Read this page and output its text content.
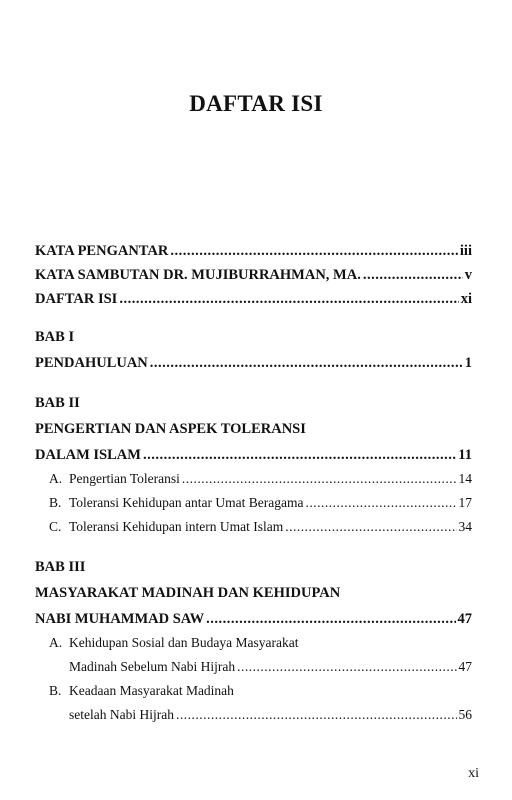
DAFTAR ISI
KATA PENGANTAR .....	iii
KATA SAMBUTAN DR. MUJIBURRAHMAN, MA. .....	v
DAFTAR ISI .....	xi
BAB I
PENDAHULUAN .....	1
BAB II
PENGERTIAN DAN ASPEK TOLERANSI
DALAM ISLAM .....	11
A. Pengertian Toleransi .....	14
B. Toleransi Kehidupan antar Umat Beragama .....	17
C. Toleransi Kehidupan intern Umat Islam .....	34
BAB III
MASYARAKAT MADINAH DAN KEHIDUPAN
NABI MUHAMMAD SAW .....	47
A. Kehidupan Sosial dan Budaya Masyarakat
Madinah Sebelum Nabi Hijrah .....	47
B. Keadaan Masyarakat Madinah
setelah Nabi Hijrah .....	56
xi
